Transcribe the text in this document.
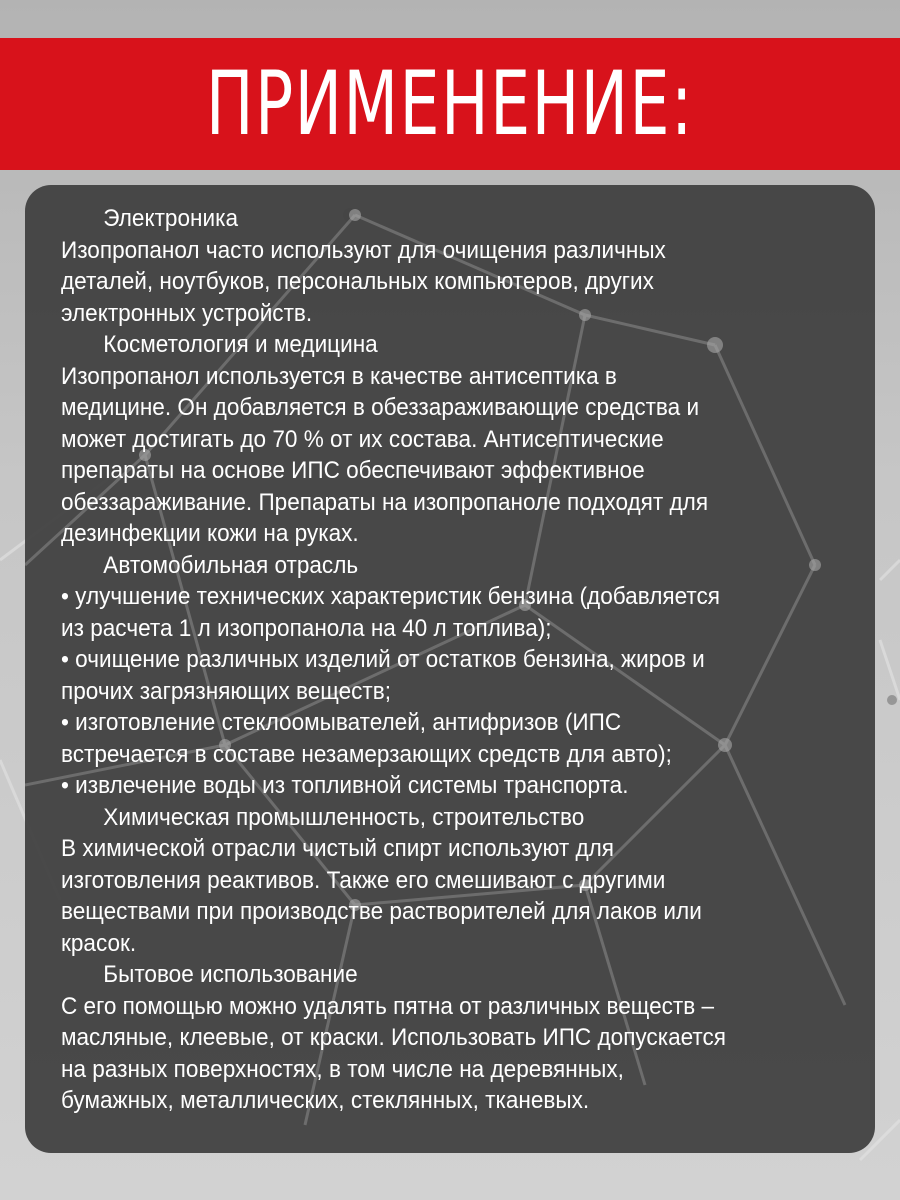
ПРИМЕНЕНИЕ:
Электроника
Изопропанол часто используют для очищения различных
деталей, ноутбуков, персональных компьютеров, других
электронных устройств.
Косметология и медицина
Изопропанол используется в качестве антисептика в
медицине. Он добавляется в обеззараживающие средства и
может достигать до 70 % от их состава. Антисептические
препараты на основе ИПС обеспечивают эффективное
обеззараживание. Препараты на изопропаноле подходят для
дезинфекции кожи на руках.
Автомобильная отрасль
• улучшение технических характеристик бензина (добавляется
из расчета 1 л изопропанола на 40 л топлива);
• очищение различных изделий от остатков бензина, жиров и
прочих загрязняющих веществ;
• изготовление стеклоомывателей, антифризов (ИПС
встречается в составе незамерзающих средств для авто);
• извлечение воды из топливной системы транспорта.
Химическая промышленность, строительство
В химической отрасли чистый спирт используют для
изготовления реактивов. Также его смешивают с другими
веществами при производстве растворителей для лаков или
красок.
Бытовое использование
С его помощью можно удалять пятна от различных веществ –
масляные, клеевые, от краски. Использовать ИПС допускается
на разных поверхностях, в том числе на деревянных,
бумажных, металлических, стеклянных, тканевых.
